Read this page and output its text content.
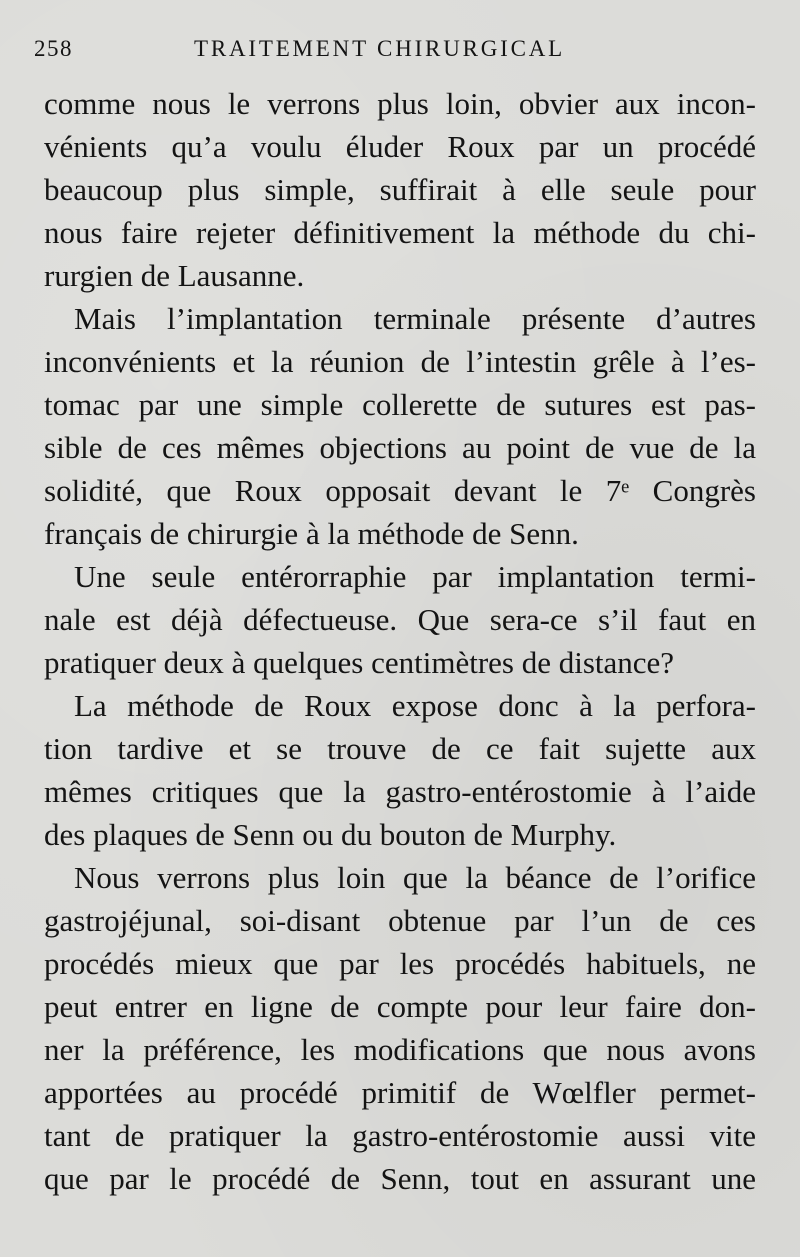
258	TRAITEMENT CHIRURGICAL
comme nous le verrons plus loin, obvier aux incon-
vénients qu’a voulu éluder Roux par un procédé
beaucoup plus simple, suffirait à elle seule pour
nous faire rejeter définitivement la méthode du chi-
rurgien de Lausanne.
Mais l’implantation terminale présente d’autres
inconvénients et la réunion de l’intestin grêle à l’es-
tomac par une simple collerette de sutures est pas-
sible de ces mêmes objections au point de vue de la
solidité, que Roux opposait devant le 7ᵉ Congrès
français de chirurgie à la méthode de Senn.
Une seule entérorraphie par implantation termi-
nale est déjà défectueuse. Que sera-ce s’il faut en
pratiquer deux à quelques centimètres de distance?
La méthode de Roux expose donc à la perfora-
tion tardive et se trouve de ce fait sujette aux
mêmes critiques que la gastro-entérostomie à l’aide
des plaques de Senn ou du bouton de Murphy.
Nous verrons plus loin que la béance de l’orifice
gastrojéjunal, soi-disant obtenue par l’un de ces
procédés mieux que par les procédés habituels, ne
peut entrer en ligne de compte pour leur faire don-
ner la préférence, les modifications que nous avons
apportées au procédé primitif de Wœlfler permet-
tant de pratiquer la gastro-entérostomie aussi vite
que par le procédé de Senn, tout en assurant une
